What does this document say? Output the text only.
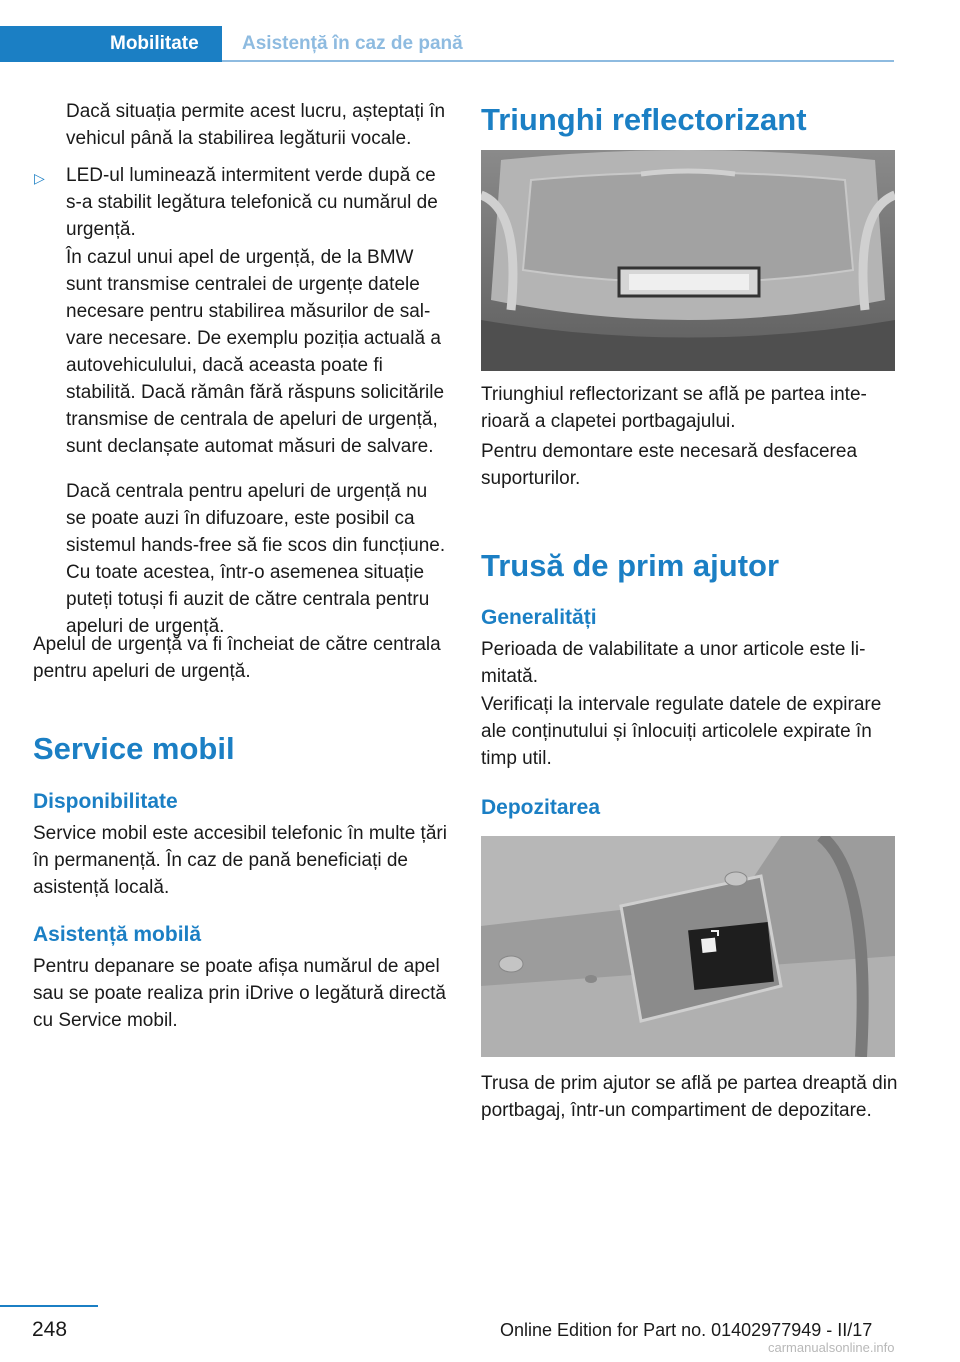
Mobilitate	Asistență în caz de pană

Dacă situația permite acest lucru, așteptați în vehicul până la stabilirea legăturii vocale.

▷ LED-ul luminează intermitent verde după ce s-a stabilit legătura telefonică cu numărul de urgență.

În cazul unui apel de urgență, de la BMW sunt transmise centralei de urgențe datele necesare pentru stabilirea măsurilor de salvare necesare. De exemplu poziția actuală a autovehiculului, dacă aceasta poate fi stabilită. Dacă rămân fără răspuns solicitările transmise de centrala de apeluri de urgență, sunt declanșate automat măsuri de salvare.

Dacă centrala pentru apeluri de urgență nu se poate auzi în difuzoare, este posibil ca sistemul hands-free să fie scos din funcțiune. Cu toate acestea, într-o asemenea situație puteți totuși fi auzit de către centrala pentru apeluri de urgență.

Apelul de urgență va fi încheiat de către centrala pentru apeluri de urgență.

Service mobil
Disponibilitate

Service mobil este accesibil telefonic în multe țări în permanență. În caz de pană beneficiați de asistență locală.

Asistență mobilă

Pentru depanare se poate afișa numărul de apel sau se poate realiza prin iDrive o legătură directă cu Service mobil.

Triunghi reflectorizant

Triunghiul reflectorizant se află pe partea interioară a clapetei portbagajului.

Pentru demontare este necesară desfacerea suporturilor.

Trusă de prim ajutor
Generalități

Perioada de valabilitate a unor articole este limitată.

Verificați la intervale regulate datele de expirare ale conținutului și înlocuiți articolele expirate în timp util.

Depozitarea

Trusa de prim ajutor se află pe partea dreaptă din portbagaj, într-un compartiment de depozitare.

248	Online Edition for Part no. 01402977949 - II/17
carmanualsonline.info
